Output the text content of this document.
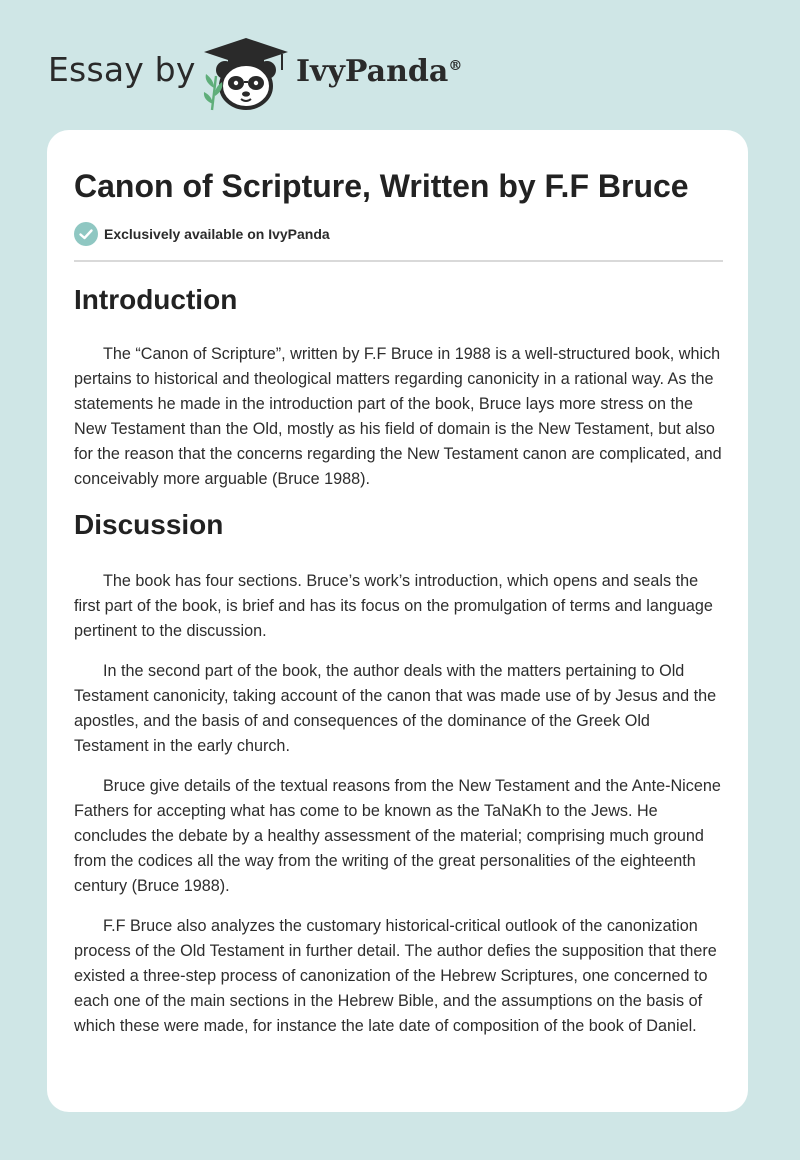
Essay by	IvyPanda®
Canon of Scripture, Written by F.F Bruce
Exclusively available on IvyPanda
Introduction

The “Canon of Scripture”, written by F.F Bruce in 1988 is a well-structured book, which pertains to historical and theological matters regarding canonicity in a rational way. As the statements he made in the introduction part of the book, Bruce lays more stress on the New Testament than the Old, mostly as his field of domain is the New Testament, but also for the reason that the concerns regarding the New Testament canon are complicated, and conceivably more arguable (Bruce 1988).

Discussion

The book has four sections. Bruce’s work’s introduction, which opens and seals the first part of the book, is brief and has its focus on the promulgation of terms and language pertinent to the discussion.

In the second part of the book, the author deals with the matters pertaining to Old Testament canonicity, taking account of the canon that was made use of by Jesus and the apostles, and the basis of and consequences of the dominance of the Greek Old Testament in the early church.

Bruce give details of the textual reasons from the New Testament and the Ante-Nicene Fathers for accepting what has come to be known as the TaNaKh to the Jews. He concludes the debate by a healthy assessment of the material; comprising much ground from the codices all the way from the writing of the great personalities of the eighteenth century (Bruce 1988).

F.F Bruce also analyzes the customary historical-critical outlook of the canonization process of the Old Testament in further detail. The author defies the supposition that there existed a three-step process of canonization of the Hebrew Scriptures, one concerned to each one of the main sections in the Hebrew Bible, and the assumptions on the basis of which these were made, for instance the late date of composition of the book of Daniel.
